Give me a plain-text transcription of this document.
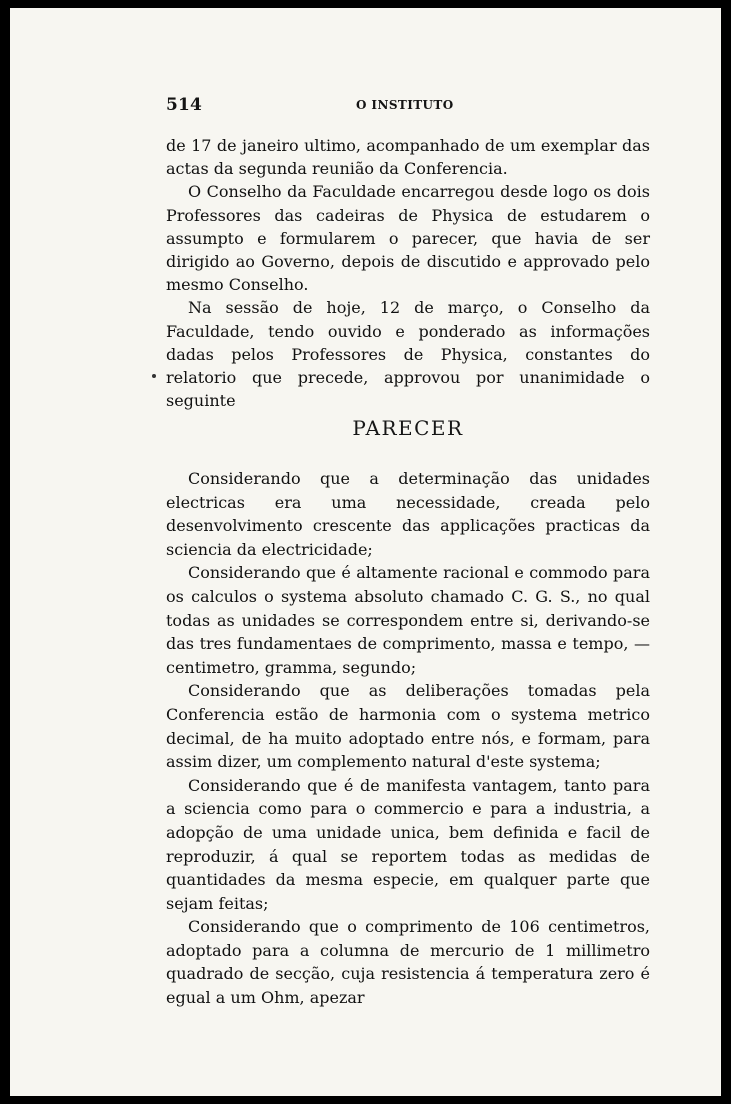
514	O INSTITUTO

de 17 de janeiro ultimo, acompanhado de um exemplar das actas da segunda reunião da Conferencia.

O Conselho da Faculdade encarregou desde logo os dois Professores das cadeiras de Physica de estudarem o assumpto e formularem o parecer, que havia de ser dirigido ao Governo, depois de discutido e approvado pelo mesmo Conselho.

Na sessão de hoje, 12 de março, o Conselho da Faculdade, tendo ouvido e ponderado as informações dadas pelos Professores de Physica, constantes do relatorio que precede, approvou por unanimidade o seguinte

PARECER

Considerando que a determinação das unidades electricas era uma necessidade, creada pelo desenvolvimento crescente das applicações practicas da sciencia da electricidade;

Considerando que é altamente racional e commodo para os calculos o systema absoluto chamado C. G. S., no qual todas as unidades se correspondem entre si, derivando-se das tres fundamentaes de comprimento, massa e tempo, — centimetro, gramma, segundo;

Considerando que as deliberações tomadas pela Conferencia estão de harmonia com o systema metrico decimal, de ha muito adoptado entre nós, e formam, para assim dizer, um complemento natural d'este systema;

Considerando que é de manifesta vantagem, tanto para a sciencia como para o commercio e para a industria, a adopção de uma unidade unica, bem definida e facil de reproduzir, á qual se reportem todas as medidas de quantidades da mesma especie, em qualquer parte que sejam feitas;

Considerando que o comprimento de 106 centimetros, adoptado para a columna de mercurio de 1 millimetro quadrado de secção, cuja resistencia á temperatura zero é egual a um Ohm, apezar
